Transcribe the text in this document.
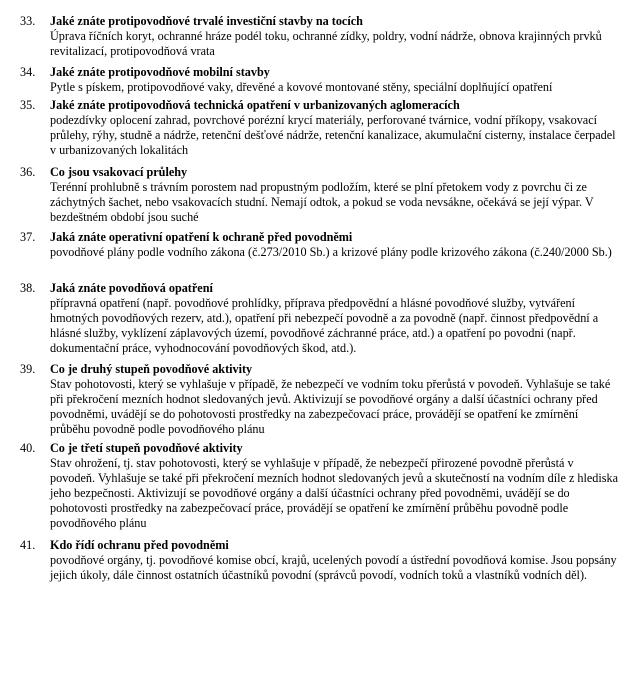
33.	Jaké znáte protipovodňové trvalé investiční stavby na tocích
Úprava říčních koryt, ochranné hráze podél toku, ochranné zídky, poldry, vodní nádrže, obnova krajinných prvků revitalizací, protipovodňová vrata
34.	Jaké znáte protipovodňové mobilní stavby
Pytle s pískem, protipovodňové vaky, dřevěné a kovové montované stěny, speciální doplňující opatření
35.	Jaké znáte protipovodňová technická opatření v urbanizovaných aglomeracích
podezdívky oplocení zahrad, povrchové porézní krycí materiály, perforované tvárnice, vodní příkopy, vsakovací průlehy, rýhy, studně a nádrže, retenční dešťové nádrže, retenční kanalizace, akumulační cisterny, instalace čerpadel v urbanizovaných lokalitách
36.	Co jsou vsakovací průlehy
Terénní prohlubně s trávním porostem nad propustným podložím, které se plní přetokem vody z povrchu či ze záchytných šachet, nebo vsakovacích studní. Nemají odtok, a pokud se voda nevsákne, očekává se její výpar. V bezdeštném období jsou suché
37.	Jaká znáte operativní opatření k ochraně před povodněmi
povodňové plány podle vodního zákona (č.273/2010 Sb.) a krizové plány podle krizového zákona (č.240/2000 Sb.)
38.	Jaká znáte povodňová opatření
přípravná opatření (např. povodňové prohlídky, příprava předpovědní a hlásné povodňové služby, vytváření hmotných povodňových rezerv, atd.), opatření při nebezpečí povodně a za povodně (např. činnost předpovědní a hlásné služby, vyklízení záplavových území, povodňové záchranné práce, atd.) a opatření po povodni (např. dokumentační práce, vyhodnocování povodňových škod, atd.).
39.	Co je druhý stupeň povodňové aktivity
Stav pohotovosti, který se vyhlašuje v případě, že nebezpečí ve vodním toku přerůstá v povodeň. Vyhlašuje se také při překročení mezních hodnot sledovaných jevů. Aktivizují se povodňové orgány a další účastníci ochrany před povodněmi, uvádějí se do pohotovosti prostředky na zabezpečovací práce, provádějí se opatření ke zmírnění průběhu povodně podle povodňového plánu
40.	Co je třetí stupeň povodňové aktivity
Stav ohrožení, tj. stav pohotovosti, který se vyhlašuje v případě, že nebezpečí přirozené povodně přerůstá v povodeň. Vyhlašuje se také při překročení mezních hodnot sledovaných jevů a skutečností na vodním díle z hlediska jeho bezpečnosti. Aktivizují se povodňové orgány a další účastníci ochrany před povodněmi, uvádějí se do pohotovosti prostředky na zabezpečovací práce, provádějí se opatření ke zmírnění průběhu povodně podle povodňového plánu
41.	Kdo řídí ochranu před povodněmi
povodňové orgány, tj. povodňové komise obcí, krajů, ucelených povodí a ústřední povodňová komise. Jsou popsány jejich úkoly, dále činnost ostatních účastníků povodní (správců povodí, vodních toků a vlastníků vodních děl).
